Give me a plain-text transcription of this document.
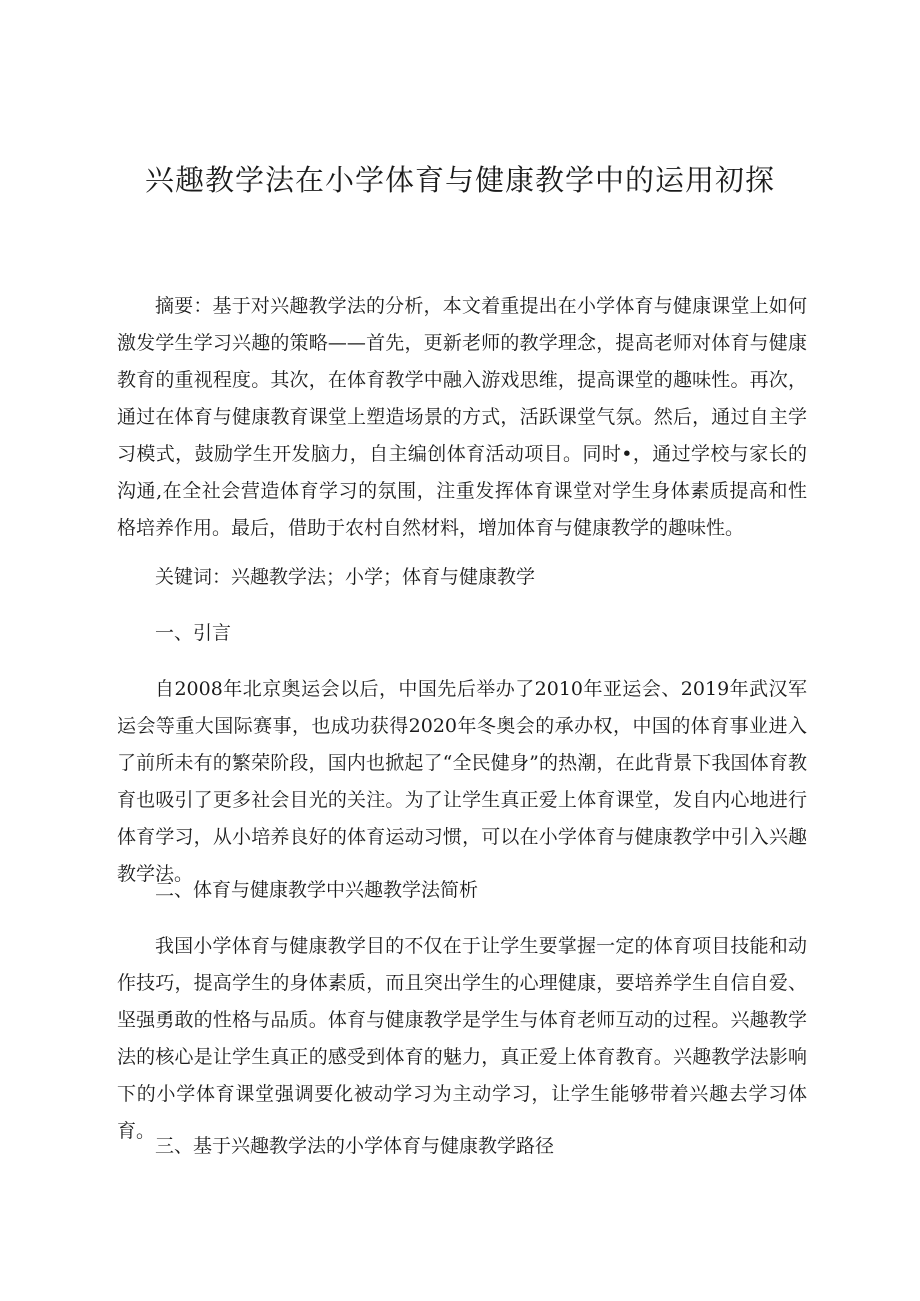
兴趣教学法在小学体育与健康教学中的运用初探
摘要：基于对兴趣教学法的分析，本文着重提出在小学体育与健康课堂上如何激发学生学习兴趣的策略——首先，更新老师的教学理念，提高老师对体育与健康教育的重视程度。其次，在体育教学中融入游戏思维，提高课堂的趣味性。再次，通过在体育与健康教育课堂上塑造场景的方式，活跃课堂气氛。然后，通过自主学习模式，鼓励学生开发脑力，自主编创体育活动项目。同时•，通过学校与家长的沟通,在全社会营造体育学习的氛围，注重发挥体育课堂对学生身体素质提高和性格培养作用。最后，借助于农村自然材料，增加体育与健康教学的趣味性。
关键词：兴趣教学法；小学；体育与健康教学
一、引言
自2008年北京奥运会以后，中国先后举办了2010年亚运会、2019年武汉军运会等重大国际赛事，也成功获得2020年冬奥会的承办权，中国的体育事业进入了前所未有的繁荣阶段，国内也掀起了“全民健身”的热潮，在此背景下我国体育教育也吸引了更多社会目光的关注。为了让学生真正爱上体育课堂，发自内心地进行体育学习，从小培养良好的体育运动习惯，可以在小学体育与健康教学中引入兴趣教学法。
二、体育与健康教学中兴趣教学法简析
我国小学体育与健康教学目的不仅在于让学生要掌握一定的体育项目技能和动作技巧，提高学生的身体素质，而且突出学生的心理健康，要培养学生自信自爱、坚强勇敢的性格与品质。体育与健康教学是学生与体育老师互动的过程。兴趣教学法的核心是让学生真正的感受到体育的魅力，真正爱上体育教育。兴趣教学法影响下的小学体育课堂强调要化被动学习为主动学习，让学生能够带着兴趣去学习体育。
三、基于兴趣教学法的小学体育与健康教学路径
